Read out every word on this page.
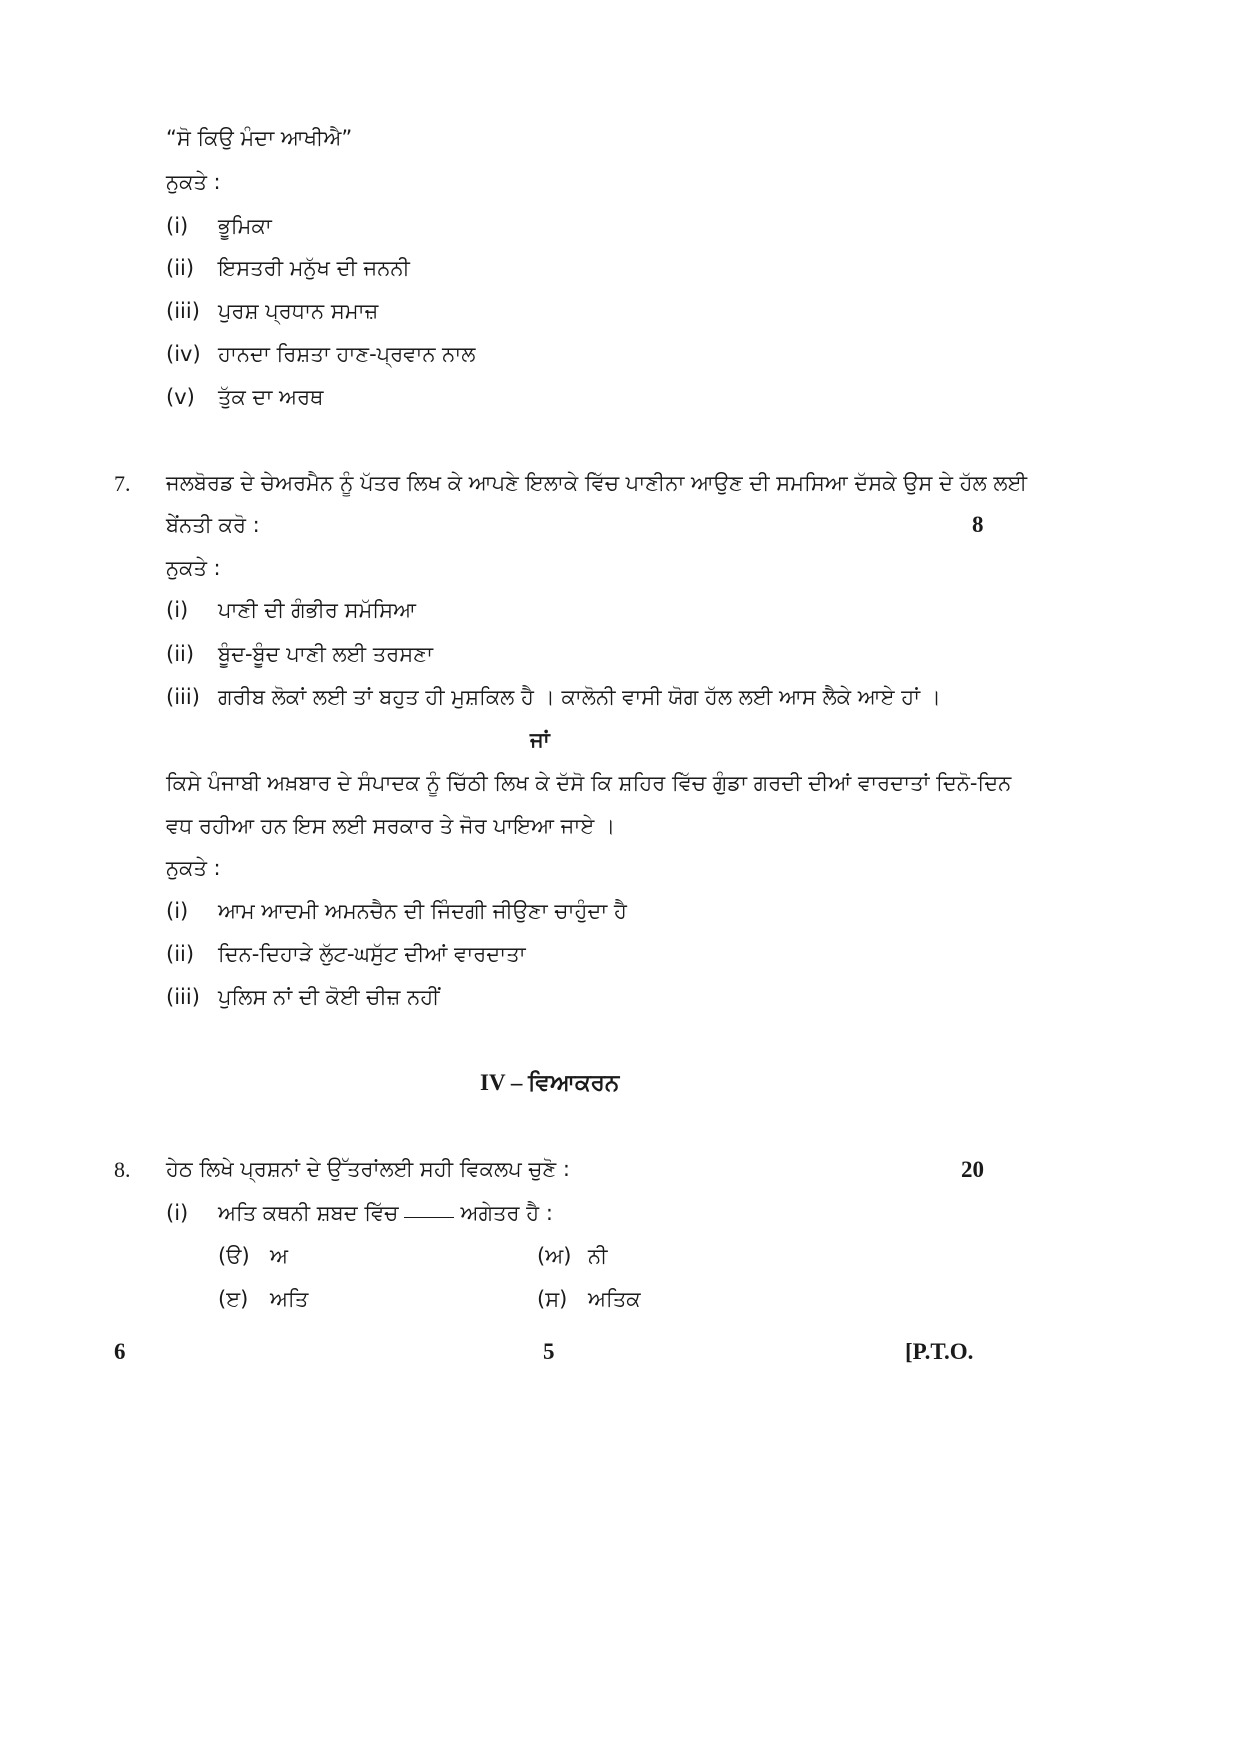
“ਸੋ ਕਿਉ ਮੰਦਾ ਆਖੀਐ”
ਨੁਕਤੇ :
(i) ਭੂਮਿਕਾ
(ii) ਇਸਤਰੀ ਮਨੁੱਖ ਦੀ ਜਨਨੀ
(iii) ਪੁਰਸ਼ ਪ੍ਰਧਾਨ ਸਮਾਜ਼
(iv) ਹਾਨਦਾ ਰਿਸ਼ਤਾ ਹਾਣ-ਪ੍ਰਵਾਨ ਨਾਲ
(v) ਤੁੱਕ ਦਾ ਅਰਥ
7. ਜਲਬੋਰਡ ਦੇ ਚੇਅਰਮੈਨ ਨੂੰ ਪੱਤਰ ਲਿਖ ਕੇ ਆਪਣੇ ਇਲਾਕੇ ਵਿੱਚ ਪਾਣੀਨਾ ਆਉਣ ਦੀ ਸਮਸਿਆ ਦੱਸਕੇ ਉਸ ਦੇ ਹੱਲ ਲਈ
ਬੇਂਨਤੀ ਕਰੋ :	8
ਨੁਕਤੇ :
(i) ਪਾਣੀ ਦੀ ਗੰਭੀਰ ਸਮੱਸਿਆ
(ii) ਬੂੰਦ-ਬੂੰਦ ਪਾਣੀ ਲਈ ਤਰਸਣਾ
(iii) ਗਰੀਬ ਲੋਕਾਂ ਲਈ ਤਾਂ ਬਹੁਤ ਹੀ ਮੁਸ਼ਕਿਲ ਹੈ । ਕਾਲੋਨੀ ਵਾਸੀ ਯੋਗ ਹੱਲ ਲਈ ਆਸ ਲੈਕੇ ਆਏ ਹਾਂ ।
ਜਾਂ
ਕਿਸੇ ਪੰਜਾਬੀ ਅਖ਼ਬਾਰ ਦੇ ਸੰਪਾਦਕ ਨੂੰ ਚਿੱਠੀ ਲਿਖ ਕੇ ਦੱਸੋ ਕਿ ਸ਼ਹਿਰ ਵਿੱਚ ਗੁੰਡਾ ਗਰਦੀ ਦੀਆਂ ਵਾਰਦਾਤਾਂ ਦਿਨੋ-ਦਿਨ
ਵਧ ਰਹੀਆ ਹਨ ਇਸ ਲਈ ਸਰਕਾਰ ਤੇ ਜੋਰ ਪਾਇਆ ਜਾਏ ।
ਨੁਕਤੇ :
(i) ਆਮ ਆਦਮੀ ਅਮਨਚੈਨ ਦੀ ਜਿੰਦਗੀ ਜੀਉਣਾ ਚਾਹੁੰਦਾ ਹੈ
(ii) ਦਿਨ-ਦਿਹਾੜੇ ਲੁੱਟ-ਘਸੁੱਟ ਦੀਆਂ ਵਾਰਦਾਤਾ
(iii) ਪੁਲਿਸ ਨਾਂ ਦੀ ਕੋਈ ਚੀਜ਼ ਨਹੀਂ
IV – ਵਿਆਕਰਨ
8. ਹੇਠ ਲਿਖੇ ਪ੍ਰਸ਼ਨਾਂ ਦੇ ਉੱਤਰਾਂਲਈ ਸਹੀ ਵਿਕਲਪ ਚੁਣੋ :	20
(i) ਅਤਿ ਕਥਨੀ ਸ਼ਬਦ ਵਿੱਚ	ਅਗੇਤਰ ਹੈ :
(ੳ) ਅ	(ਅ) ਨੀ
(ੲ) ਅਤਿ	(ਸ) ਅਤਿਕ
6	5	[P.T.O.
